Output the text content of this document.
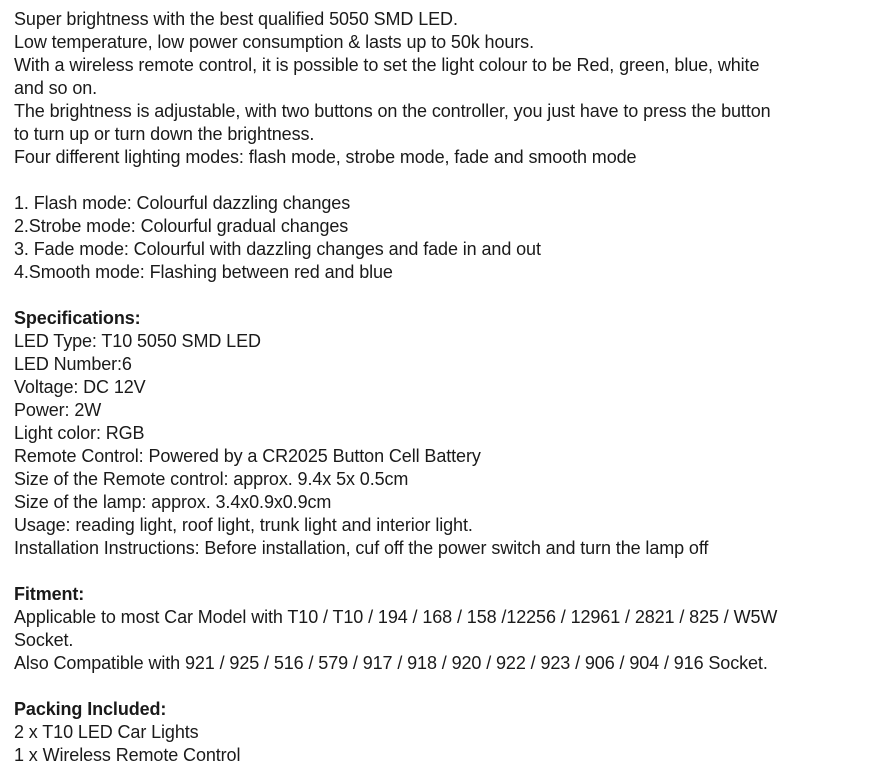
Super brightness with the best qualified 5050 SMD LED.
Low temperature, low power consumption & lasts up to 50k hours.
With a wireless remote control, it is possible to set the light colour to be Red, green, blue, white
and so on.
The brightness is adjustable, with two buttons on the controller, you just have to press the button
to turn up or turn down the brightness.
Four different lighting modes: flash mode, strobe mode, fade and smooth mode

1. Flash mode: Colourful dazzling changes
2.Strobe mode: Colourful gradual changes
3. Fade mode: Colourful with dazzling changes and fade in and out
4.Smooth mode: Flashing between red and blue

Specifications:
LED Type: T10 5050 SMD LED
LED Number:6
Voltage: DC 12V
Power: 2W
Light color: RGB
Remote Control: Powered by a CR2025 Button Cell Battery
Size of the Remote control: approx. 9.4x 5x 0.5cm
Size of the lamp: approx. 3.4x0.9x0.9cm
Usage: reading light, roof light, trunk light and interior light.
Installation Instructions: Before installation, cuf off the power switch and turn the lamp off

Fitment:
Applicable to most Car Model with T10 / T10 / 194 / 168 / 158 /12256 / 12961 / 2821 / 825 / W5W
Socket.
Also Compatible with 921 / 925 / 516 / 579 / 917 / 918 / 920 / 922 / 923 / 906 / 904 / 916 Socket.

Packing Included:
2 x T10 LED Car Lights
1 x Wireless Remote Control
